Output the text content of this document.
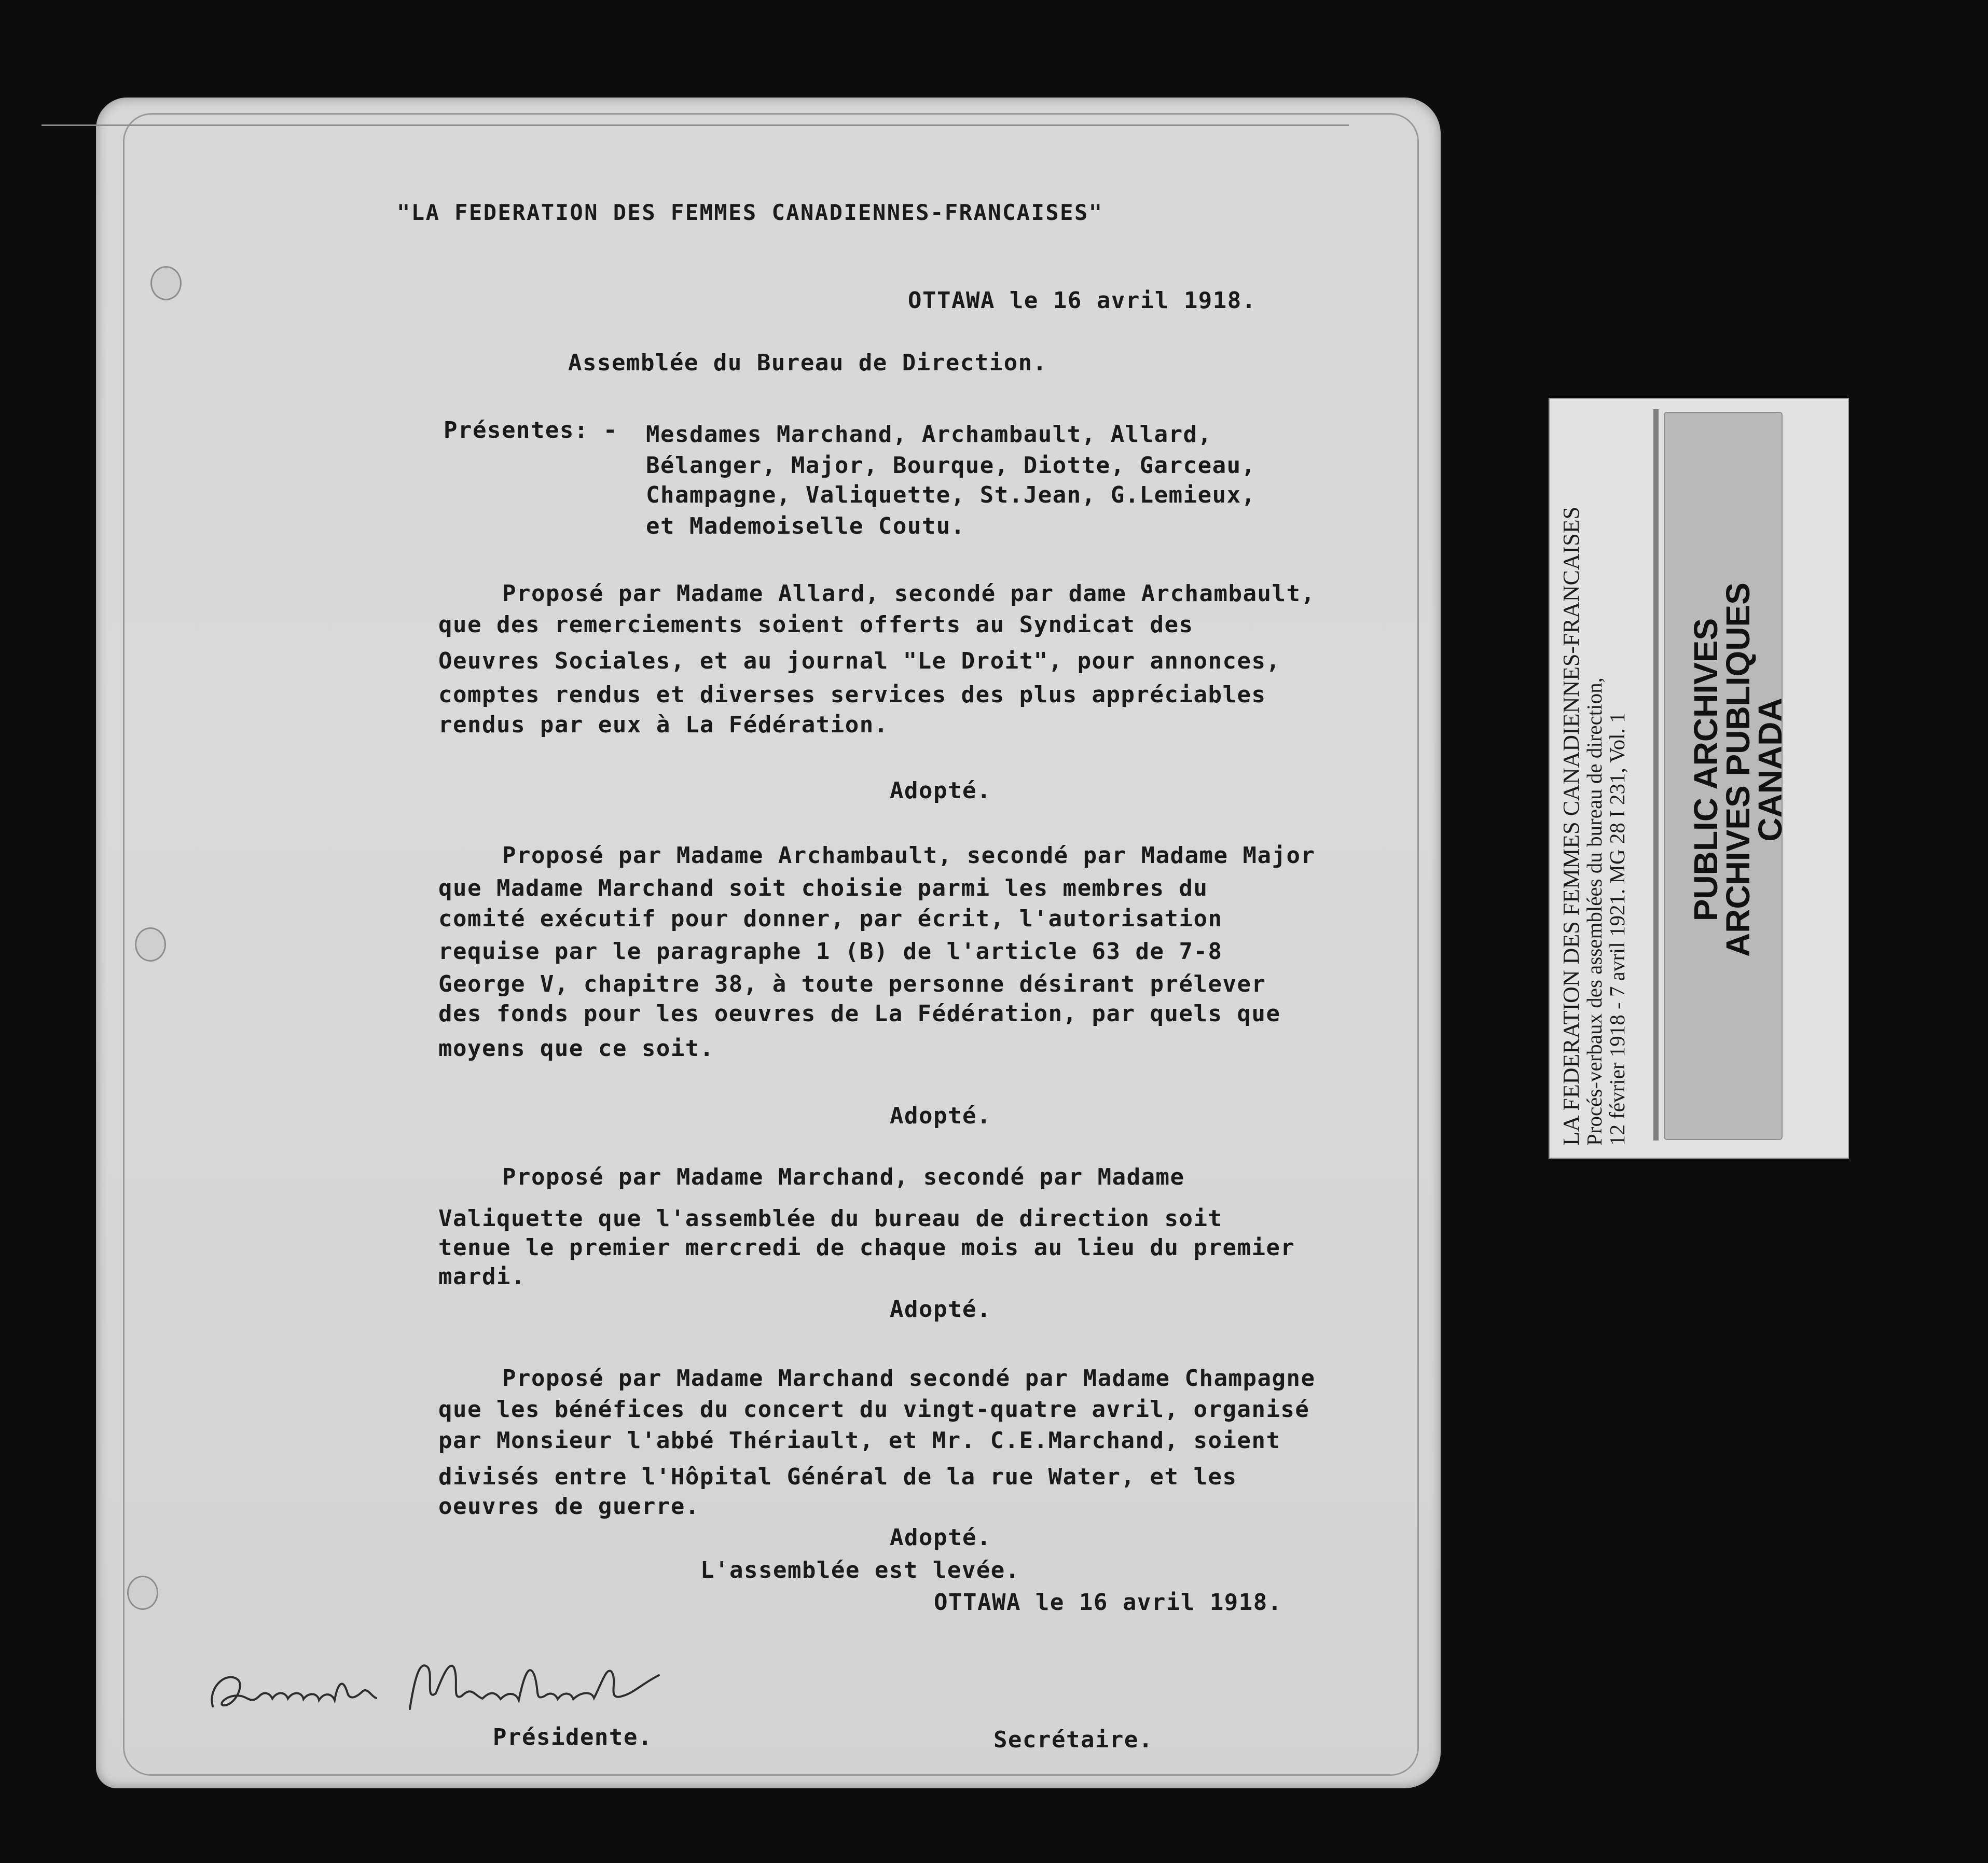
"LA FEDERATION DES FEMMES CANADIENNES-FRANCAISES"
OTTAWA le 16 avril 1918.
Assemblée du Bureau de Direction.
Présentes: - Mesdames Marchand, Archambault, Allard,
Bélanger, Major, Bourque, Diotte, Garceau,
Champagne, Valiquette, St.Jean, G.Lemieux,
et Mademoiselle Coutu.
Proposé par Madame Allard, secondé par dame Archambault,
que des remerciements soient offerts au Syndicat des
Oeuvres Sociales, et au journal "Le Droit", pour annonces,
comptes rendus et diverses services des plus appréciables
rendus par eux à La Fédération.
Adopté.
Proposé par Madame Archambault, secondé par Madame Major
que Madame Marchand soit choisie parmi les membres du
comité exécutif pour donner, par écrit, l'autorisation
requise par le paragraphe 1 (B) de l'article 63 de 7-8
George V, chapitre 38, à toute personne désirant prélever
des fonds pour les oeuvres de La Fédération, par quels que
moyens que ce soit.
Adopté.
Proposé par Madame Marchand, secondé par Madame
Valiquette que l'assemblée du bureau de direction soit
tenue le premier mercredi de chaque mois au lieu du premier
mardi.
Adopté.
Proposé par Madame Marchand secondé par Madame Champagne
que les bénéfices du concert du vingt-quatre avril, organisé
par Monsieur l'abbé Thériault, et Mr. C.E.Marchand, soient
divisés entre l'Hôpital Général de la rue Water, et les
oeuvres de guerre.
Adopté.
L'assemblée est levée.
OTTAWA le 16 avril 1918.
Présidente.	Secrétaire.
LA FEDERATION DES FEMMES CANADIENNES-FRANCAISES
Procés-verbaux des assemblées du bureau de direction,
12 février 1918 - 7 avril 1921. MG 28 I 231, Vol. 1 PUBLIC ARCHIVES
ARCHIVES PUBLIQUES
CANADA
